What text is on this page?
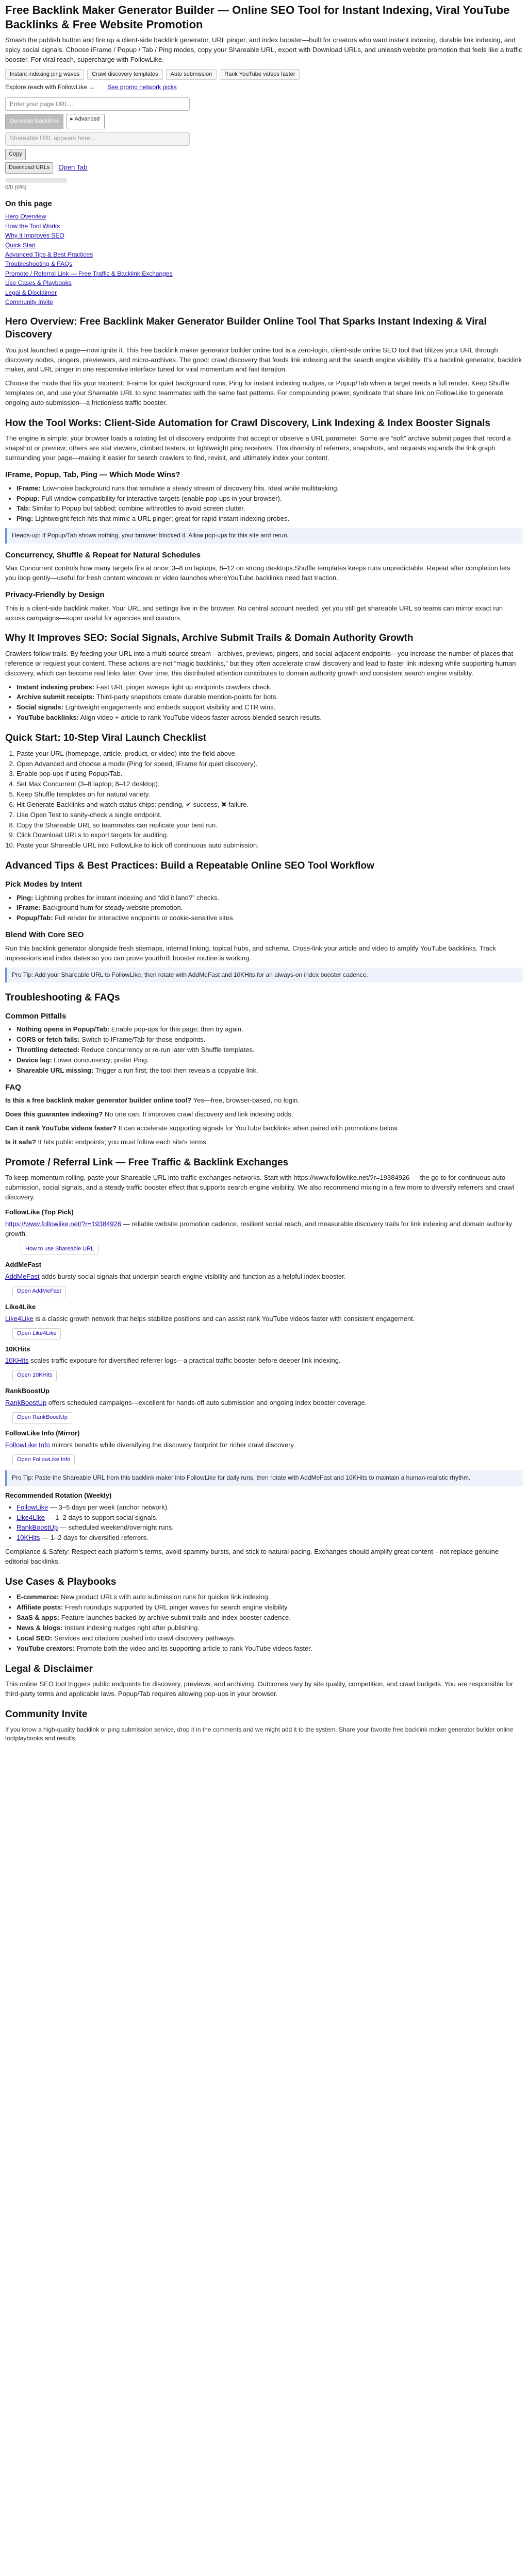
Free Backlink Maker Generator Builder — Online SEO Tool for Instant Indexing, Viral YouTube Backlinks & Free Website Promotion

Smash the publish button and fire up a client-side backlink generator, URL pinger, and index booster—built for creators who want instant indexing, durable link indexing, and spicy social signals. Choose iFrame / Popup / Tab / Ping modes, copy your Shareable URL, export with Download URLs, and unleash website promotion that feels like a traffic booster. For viral reach, supercharge with FollowLike.

Instant indexing ping waves	Crawl discovery templates	Auto submission	Rank YouTube videos faster
Explore reach with FollowLike → See promo network picks
Enter your page URL...
Generate Backlinks	▸ Advanced
Shareable URL appears here...
Copy
Download URLs	Open Tab
0/0 (0%)
On this page
Hero Overview
How the Tool Works
Why it Improves SEO
Quick Start
Advanced Tips & Best Practices
Troubleshooting & FAQs
Promote / Referral Link — Free Traffic & Backlink Exchanges
Use Cases & Playbooks
Legal & Disclaimer
Community Invite
Hero Overview: Free Backlink Maker Generator Builder Online Tool That Sparks Instant Indexing & Viral Discovery

You just launched a page—now ignite it. This free backlink maker generator builder online tool is a zero-login, client-side online SEO tool that blitzes your URL through discovery nodes, pingers, previewers, and micro-archives. The good: crawl discovery that feeds link indexing and the search engine visibility. It's a backlink generator, backlink maker, and URL pinger in one responsive interface tuned for viral momentum and fast iteration.

Choose the mode that fits your moment: IFrame for quiet background runs, Ping for instant indexing nudges, or Popup/Tab when a target needs a full render. Keep Shuffle templates on, and use your Shareable URL to sync teammates with the same fast patterns. For compounding power, syndicate that share link on FollowLike to generate ongoing auto submission—a frictionless traffic booster.

How the Tool Works: Client-Side Automation for Crawl Discovery, Link Indexing & Index Booster Signals

The engine is simple: your browser loads a rotating list of discovery endpoints that accept or observe a URL parameter. Some are “soft” archive submit pages that record a snapshot or preview; others are stat viewers, climbed testers, or lightweight ping receivers. This diversity of referrers, snapshots, and requests expands the link graph surrounding your page—making it easier for search crawlers to find, revisit, and ultimately index your content.

IFrame, Popup, Tab, Ping — Which Mode Wins?
• IFrame: Low-noise background runs that simulate a steady stream of discovery hits. Ideal while multitasking.
• Popup: Full window compatibility for interactive targets (enable pop-ups in your browser).
• Tab: Similar to Popup but tabbed; combine w/throttles to avoid screen clutter.
• Ping: Lightweight fetch hits that mimic a URL pinger; great for rapid instant indexing probes.
Heads-up: If Popup/Tab shows nothing, your browser blocked it. Allow pop-ups for this site and rerun.
Concurrency, Shuffle & Repeat for Natural Schedules

Max Concurrent controls how many targets fire at once; 3–8 on laptops, 8–12 on strong desktops.Shuffle templates keeps runs unpredictable. Repeat after completion lets you loop gently—useful for fresh content windows or video launches whereYouTube backlinks need fast traction.

Privacy-Friendly by Design

This is a client-side backlink maker. Your URL and settings live in the browser. No central account needed, yet you still get shareable URL so teams can mirror exact run across campaigns—super useful for agencies and curators.

Why It Improves SEO: Social Signals, Archive Submit Trails & Domain Authority Growth

Crawlers follow trails. By feeding your URL into a multi-source stream—archives, previews, pingers, and social-adjacent endpoints—you increase the number of places that reference or request your content. These actions are not “magic backlinks,” but they often accelerate crawl discovery and lead to faster link indexing while supporting human discovery, which can become real links later. Over time, this distributed attention contributes to domain authority growth and consistent search engine visibility.

• Instant indexing probes: Fast URL pinger sweeps light up endpoints crawlers check.
• Archive submit receipts: Third-party snapshots create durable mention-points for bots.
• Social signals: Lightweight engagements and embeds support visibility and CTR wins.
• YouTube backlinks: Align video + article to rank YouTube videos faster across blended search results.
Quick Start: 10-Step Viral Launch Checklist
1. Paste your URL (homepage, article, product, or video) into the field above.
2. Open Advanced and choose a mode (Ping for speed, IFrame for quiet discovery).
3. Enable pop-ups if using Popup/Tab.
4. Set Max Concurrent (3–8 laptop; 8–12 desktop).
5. Keep Shuffle templates on for natural variety.
6. Hit Generate Backlinks and watch status chips: pending, ✔ success, ✖ failure.
7. Use Open Test to sanity-check a single endpoint.
8. Copy the Shareable URL so teammates can replicate your best run.
9. Click Download URLs to export targets for auditing.
10. Paste your Shareable URL into FollowLike to kick off continuous auto submission.
Advanced Tips & Best Practices: Build a Repeatable Online SEO Tool Workflow
Pick Modes by Intent
• Ping: Lightning probes for instant indexing and “did it land?” checks.
• IFrame: Background hum for steady website promotion.
• Popup/Tab: Full render for interactive endpoints or cookie-sensitive sites.
Blend With Core SEO

Run this backlink generator alongside fresh sitemaps, internal linking, topical hubs, and schema. Cross-link your article and video to amplify YouTube backlinks. Track impressions and index dates so you can prove yourthrift booster routine is working.

Pro Tip: Add your Shareable URL to FollowLike, then rotate with AddMeFast and 10KHits for an always-on index booster cadence.
Troubleshooting & FAQs
Common Pitfalls
• Nothing opens in Popup/Tab: Enable pop-ups for this page; then try again.
• CORS or fetch fails: Switch to IFrame/Tab for those endpoints.
• Throttling detected: Reduce concurrency or re-run later with Shuffle templates.
• Device lag: Lower concurrency; prefer Ping.
• Shareable URL missing: Trigger a run first; the tool then reveals a copyable link.
FAQ

Is this a free backlink maker generator builder online tool? Yes—free, browser-based, no login.

Does this guarantee indexing? No one can. It improves crawl discovery and link indexing odds.

Can it rank YouTube videos faster? It can accelerate supporting signals for YouTube backlinks when paired with promotions below.

Is it safe? It hits public endpoints; you must follow each site's terms.

Promote / Referral Link — Free Traffic & Backlink Exchanges

To keep momentum rolling, paste your Shareable URL into traffic exchanges networks. Start with https://www.followlike.net/?r=19384926 — the go-to for continuous auto submission, social signals, and a steady traffic booster effect that supports search engine visibility. We also recommend mixing in a few more to diversify referrers and crawl discovery.

FollowLike (Top Pick)

https://www.followlike.net/?r=19384926 — reliable website promotion cadence, resilient social reach, and measurable discovery trails for link indexing and domain authority growth.

How to use Shareable URL
AddMeFast

AddMeFast adds bursty social signals that underpin search engine visibility and function as a helpful index booster.

Open AddMeFast
Like4Like

Like4Like is a classic growth network that helps stabilize positions and can assist rank YouTube videos faster with consistent engagement.

Open Like4Like
10KHits

10KHits scales traffic exposure for diversified referrer logs—a practical traffic booster before deeper link indexing.

Open 10KHits
RankBoostUp

RankBoostUp offers scheduled campaigns—excellent for hands-off auto submission and ongoing index booster coverage.

Open RankBoostUp
FollowLike Info (Mirror)

FollowLike Info mirrors benefits while diversifying the discovery footprint for richer crawl discovery.

Open FollowLike Info
Pro Tip: Paste the Shareable URL from this backlink maker into FollowLike for daily runs, then rotate with AddMeFast and 10KHits to maintain a human-realistic rhythm.
Recommended Rotation (Weekly)
• FollowLike — 3–5 days per week (anchor network).
• Like4Like — 1–2 days to support social signals.
• RankBoostUp — scheduled weekend/overnight runs.
• 10KHits — 1–2 days for diversified referrers.

Compliance & Safety: Respect each platform's terms, avoid spammy bursts, and stick to natural pacing. Exchanges should amplify great content—not replace genuine editorial backlinks.

Use Cases & Playbooks
• E-commerce: New product URLs with auto submission runs for quicker link indexing.
• Affiliate posts: Fresh roundups supported by URL pinger waves for search engine visibility.
• SaaS & apps: Feature launches backed by archive submit trails and index booster cadence.
• News & blogs: Instant indexing nudges right after publishing.
• Local SEO: Services and citations pushed into crawl discovery pathways.
• YouTube creators: Promote both the video and its supporting article to rank YouTube videos faster.
Legal & Disclaimer

This online SEO tool triggers public endpoints for discovery, previews, and archiving. Outcomes vary by site quality, competition, and crawl budgets. You are responsible for third-party terms and applicable laws. Popup/Tab requires allowing pop-ups in your browser.

Community Invite

If you know a high-quality backlink or ping submission service, drop it in the comments and we might add it to the system. Share your favorite free backlink maker generator builder online toolplaybooks and results.
